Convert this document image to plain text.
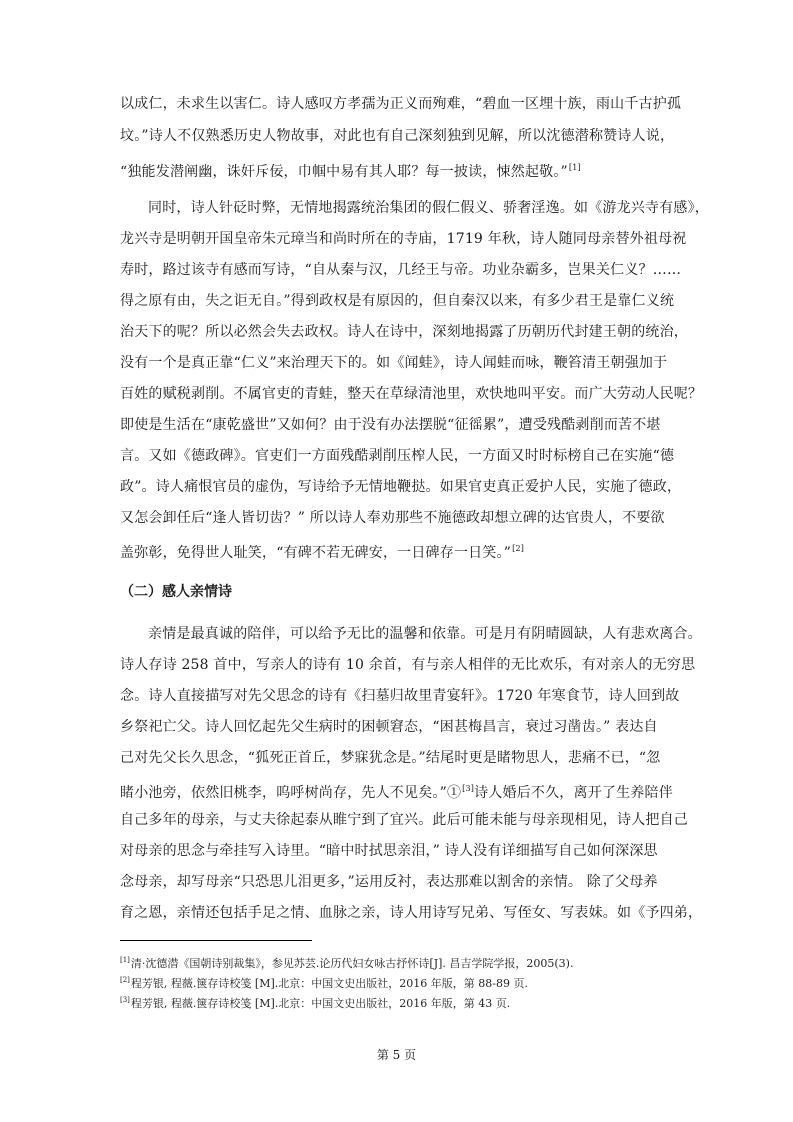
以成仁，未求生以害仁。诗人感叹方孝孺为正义而殉难，“碧血一区埋十族，雨山千古护孤
坟。”诗人不仅熟悉历史人物故事，对此也有自己深刻独到见解，所以沈德潜称赞诗人说，
“独能发潜阐幽，诛奸斥佞，巾帼中易有其人耶？每一披读，悚然起敬。”[1]
同时，诗人针砭时弊，无情地揭露统治集团的假仁假义、骄奢淫逸。如《游龙兴寺有感》，
龙兴寺是明朝开国皇帝朱元璋当和尚时所在的寺庙，1719 年秋，诗人随同母亲替外祖母祝
寿时，路过该寺有感而写诗，“自从秦与汉，几经王与帝。功业杂霸多，岂果关仁义？……
得之原有由，失之讵无自。”得到政权是有原因的，但自秦汉以来，有多少君王是靠仁义统
治天下的呢？所以必然会失去政权。诗人在诗中，深刻地揭露了历朝历代封建王朝的统治，
没有一个是真正靠“仁义”来治理天下的。如《闻蛙》，诗人闻蛙而咏，鞭笞清王朝强加于
百姓的赋税剥削。不属官吏的青蛙，整天在草绿清池里，欢快地叫平安。而广大劳动人民呢？
即使是生活在“康乾盛世”又如何？由于没有办法摆脱“征徭累”，遭受残酷剥削而苦不堪
言。又如《德政碑》。官吏们一方面残酷剥削压榨人民，一方面又时时标榜自己在实施“德
政”。诗人痛恨官员的虚伪，写诗给予无情地鞭挞。如果官吏真正爱护人民，实施了德政，
又怎会卸任后“逢人皆切齿？” 所以诗人奉劝那些不施德政却想立碑的达官贵人，不要欲
盖弥彰，免得世人耻笑，“有碑不若无碑安，一日碑存一日笑。”[2]
（二）感人亲情诗
亲情是最真诚的陪伴，可以给予无比的温馨和依靠。可是月有阴晴圆缺，人有悲欢离合。
诗人存诗 258 首中，写亲人的诗有 10 余首，有与亲人相伴的无比欢乐，有对亲人的无穷思
念。诗人直接描写对先父思念的诗有《扫墓归故里青宴轩》。1720 年寒食节，诗人回到故
乡祭祀亡父。诗人回忆起先父生病时的困顿窘态，“困甚梅昌言，衰过习凿齿。” 表达自
己对先父长久思念，“狐死正首丘，梦寐犹念是。”结尾时更是睹物思人，悲痛不已，“忽
睹小池旁，依然旧桃李，呜呼树尚存，先人不见矣。”①[3]诗人婚后不久，离开了生养陪伴
自己多年的母亲，与丈夫徐起泰从睢宁到了宜兴。此后可能未能与母亲现相见，诗人把自己
对母亲的思念与牵挂写入诗里。“暗中时拭思亲泪，” 诗人没有详细描写自己如何深深思
念母亲，却写母亲“只恐思儿泪更多，”运用反衬，表达那难以割舍的亲情。 除了父母养
育之恩，亲情还包括手足之情、血脉之亲，诗人用诗写兄弟、写侄女、写表妹。如《予四弟，
[1]清·沈德潜《国朝诗别裁集》，参见苏芸.论历代妇女咏古抒怀诗[J]. 昌吉学院学报，2005(3).
[2]程芳银, 程薇.箧存诗校笺 [M].北京：中国文史出版社，2016 年版，第 88-89 页.
[3]程芳银, 程薇.箧存诗校笺 [M].北京：中国文史出版社，2016 年版，第 43 页.
第 5 页
